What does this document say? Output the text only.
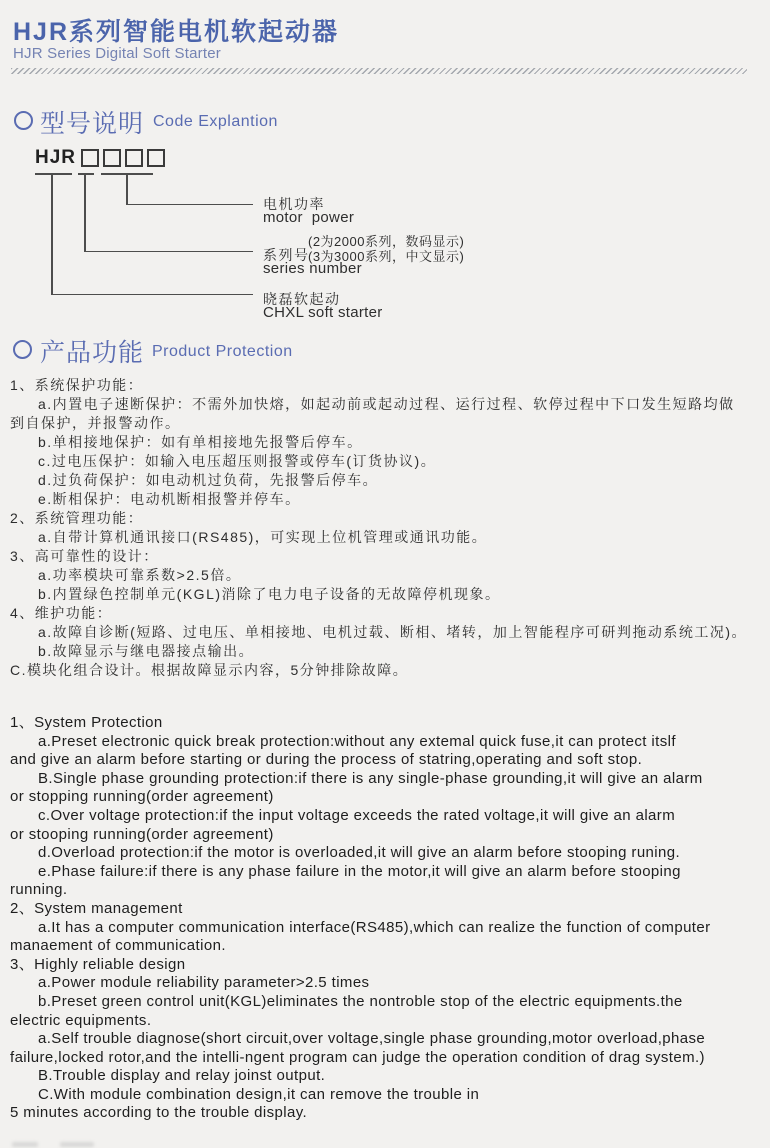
HJR系列智能电机软起动器
HJR Series Digital Soft Starter
型号说明 Code Explantion
HJR
电机功率
motor  power
(2为2000系列，数码显示)
系列号
(3为3000系列，中文显示)
series number
晓磊软起动
CHXL soft starter
产品功能 Product Protection
1、系统保护功能：
a.内置电子速断保护：不需外加快熔，如起动前或起动过程、运行过程、软停过程中下口发生短路均做
到自保护，并报警动作。
b.单相接地保护：如有单相接地先报警后停车。
c.过电压保护：如输入电压超压则报警或停车(订货协议)。
d.过负荷保护：如电动机过负荷，先报警后停车。
e.断相保护：电动机断相报警并停车。
2、系统管理功能：
a.自带计算机通讯接口(RS485)，可实现上位机管理或通讯功能。
3、高可靠性的设计：
a.功率模块可靠系数>2.5倍。
b.内置绿色控制单元(KGL)消除了电力电子设备的无故障停机现象。
4、维护功能：
a.故障自诊断(短路、过电压、单相接地、电机过载、断相、堵转，加上智能程序可研判拖动系统工况)。
b.故障显示与继电器接点输出。
C.模块化组合设计。根据故障显示内容，5分钟排除故障。
1、System Protection
a.Preset electronic quick break protection:without any extemal quick fuse,it can protect itslf
and give an alarm before starting or during the process of statring,operating and soft stop.
B.Single phase grounding protection:if there is any single-phase grounding,it will give an alarm
or stopping running(order agreement)
c.Over voltage protection:if the input voltage exceeds the rated voltage,it will give an alarm
or stooping running(order agreement)
d.Overload protection:if the motor is overloaded,it will give an alarm before stooping runing.
e.Phase failure:if there is any phase failure in the motor,it will give an alarm before stooping
running.
2、System management
a.It has a computer communication interface(RS485),which can realize the function of computer
manaement of communication.
3、Highly reliable design
a.Power module reliability parameter>2.5 times
b.Preset green control unit(KGL)eliminates the nontroble stop of the electric equipments.the
electric equipments.
a.Self trouble diagnose(short circuit,over voltage,single phase grounding,motor overload,phase
failure,locked rotor,and the intelli-ngent program can judge the operation condition of drag system.)
B.Trouble display and relay joinst output.
C.With module combination design,it can remove the trouble in
5 minutes according to the trouble display.
